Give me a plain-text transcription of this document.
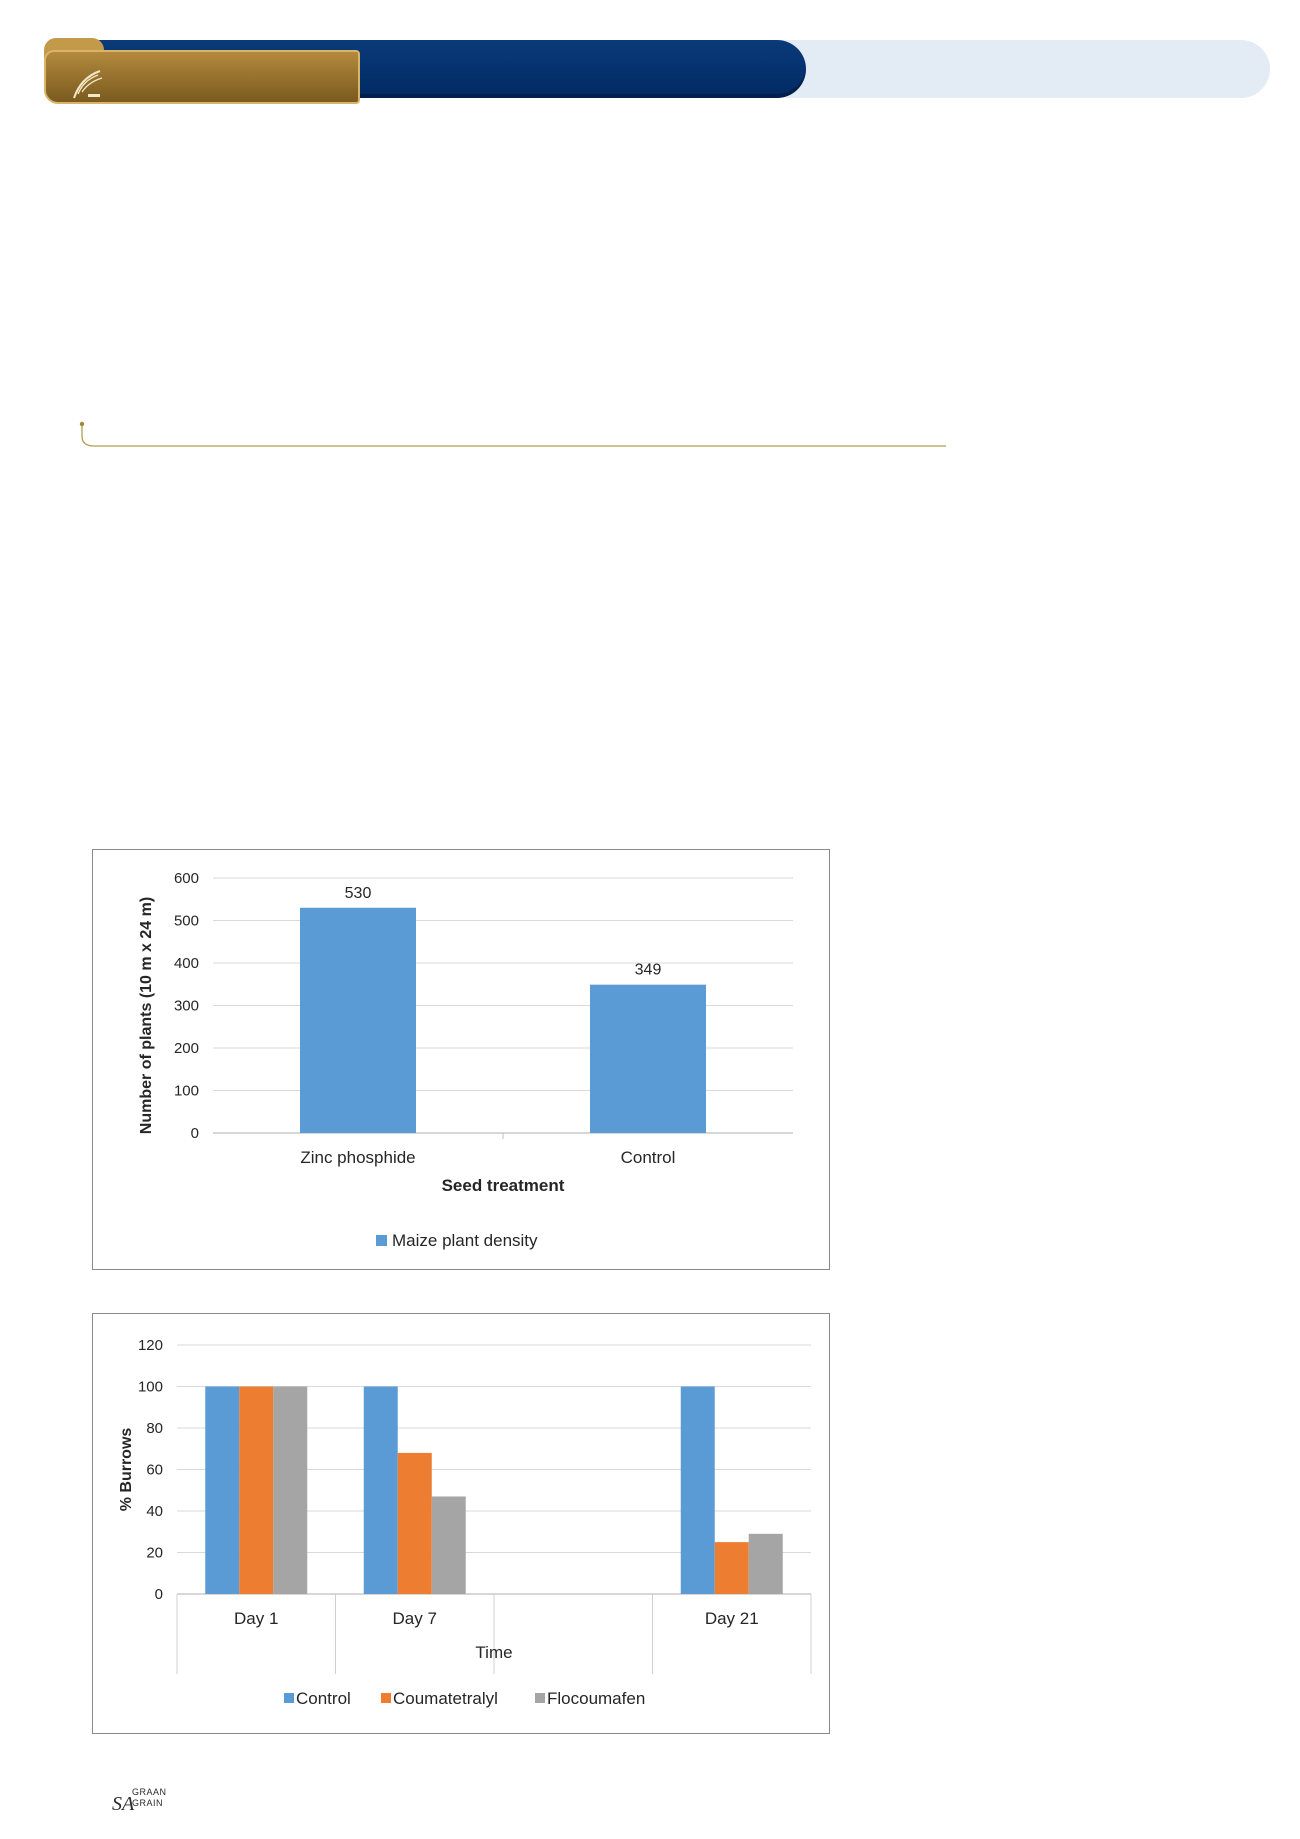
0
100
200
300
400
500
600
530
Zinc phosphide
349
Control
Seed treatment
Number of plants (10 m x 24 m)
Maize plant density
0
20
40
60
80
100
120
Day 1	Day 7	Day 21
Time
% Burrows
Control Coumatetralyl	Flocoumafen
SA
GRAAN
GRAIN
